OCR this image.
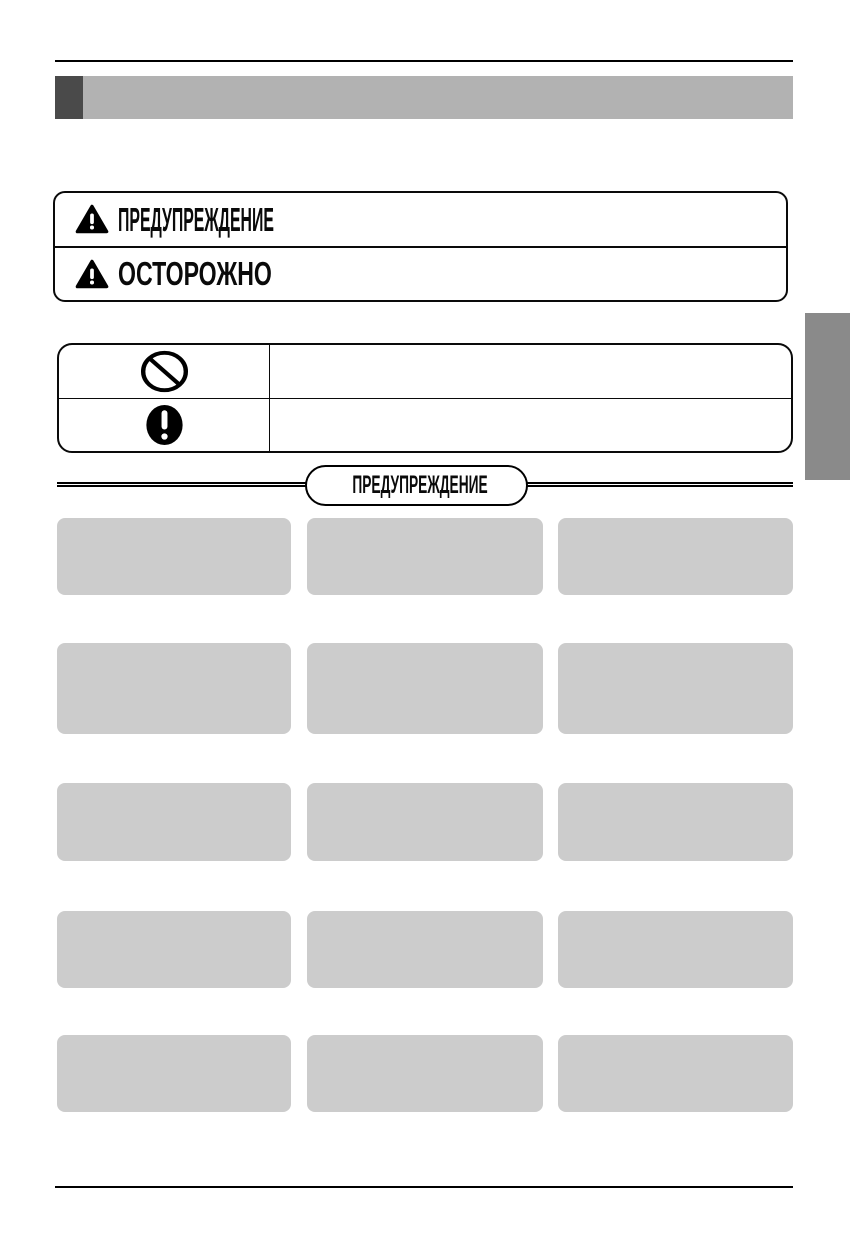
ПРЕДУПРЕЖДЕНИЕ
ОСТОРОЖНО
ПРЕДУПРЕЖДЕНИЕ
